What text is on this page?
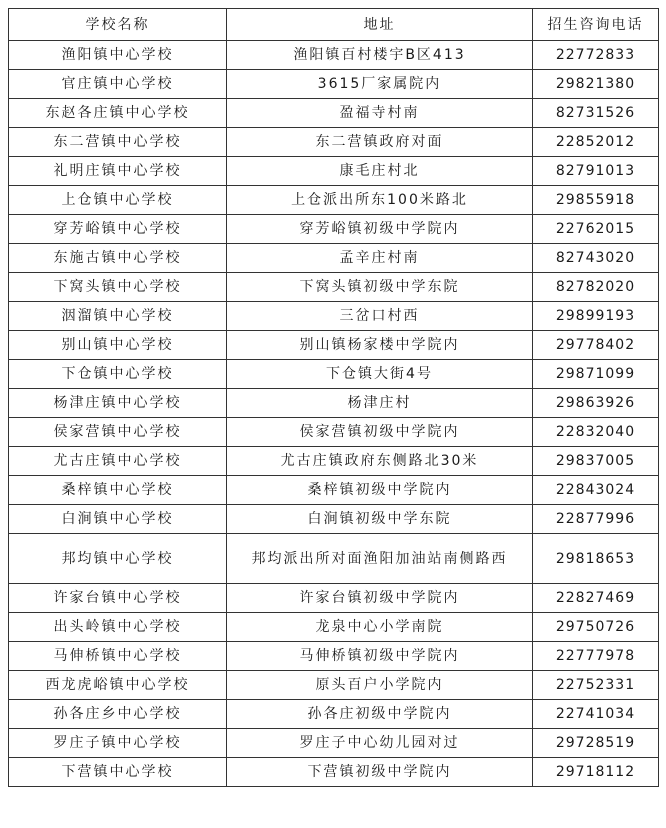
学校名称	地址	招生咨询电话
渔阳镇中心学校	渔阳镇百村楼宇B区413	22772833
官庄镇中心学校	3615厂家属院内	29821380
东赵各庄镇中心学校	盈福寺村南	82731526
东二营镇中心学校	东二营镇政府对面	22852012
礼明庄镇中心学校	康毛庄村北	82791013
上仓镇中心学校	上仓派出所东100米路北	29855918
穿芳峪镇中心学校	穿芳峪镇初级中学院内	22762015
东施古镇中心学校	孟辛庄村南	82743020
下窝头镇中心学校	下窝头镇初级中学东院	82782020
洇溜镇中心学校	三岔口村西	29899193
别山镇中心学校	别山镇杨家楼中学院内	29778402
下仓镇中心学校	下仓镇大街4号	29871099
杨津庄镇中心学校	杨津庄村	29863926
侯家营镇中心学校	侯家营镇初级中学院内	22832040
尤古庄镇中心学校	尤古庄镇政府东侧路北30米	29837005
桑梓镇中心学校	桑梓镇初级中学院内	22843024
白涧镇中心学校	白涧镇初级中学东院	22877996
邦均镇中心学校	邦均派出所对面渔阳加油站南侧路西	29818653
许家台镇中心学校	许家台镇初级中学院内	22827469
出头岭镇中心学校	龙泉中心小学南院	29750726
马伸桥镇中心学校	马伸桥镇初级中学院内	22777978
西龙虎峪镇中心学校	原头百户小学院内	22752331
孙各庄乡中心学校	孙各庄初级中学院内	22741034
罗庄子镇中心学校	罗庄子中心幼儿园对过	29728519
下营镇中心学校	下营镇初级中学院内	29718112
